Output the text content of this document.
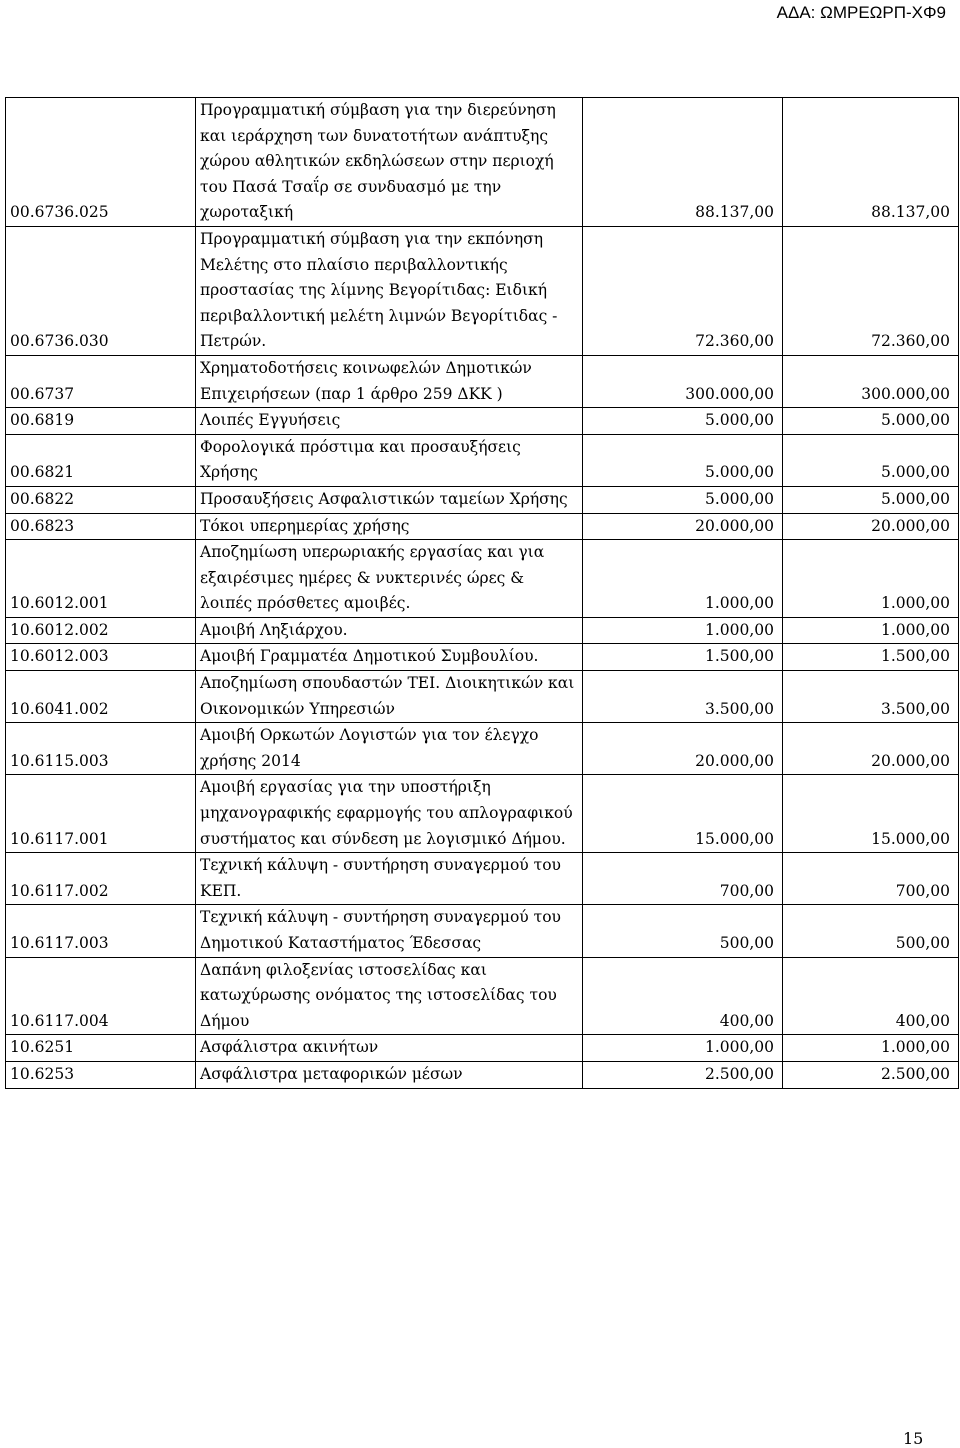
ΑΔΑ: ΩΜΡΕΩΡΠ-ΧΦ9
00.6736.025	Προγραμματική σύμβαση για την διερεύνηση και ιεράρχηση των δυνατοτήτων ανάπτυξης χώρου αθλητικών εκδηλώσεων στην περιοχή του Πασά Τσαΐρ σε συνδυασμό με την χωροταξική	88.137,00	88.137,00
00.6736.030	Προγραμματική σύμβαση για την εκπόνηση Μελέτης στο πλαίσιο περιβαλλοντικής προστασίας της λίμνης Βεγορίτιδας: Ειδική περιβαλλοντική μελέτη λιμνών Βεγορίτιδας - Πετρών.	72.360,00	72.360,00
00.6737	Χρηματοδοτήσεις κοινωφελών Δημοτικών Επιχειρήσεων (παρ 1 άρθρο 259 ΔΚΚ )	300.000,00	300.000,00
00.6819	Λοιπές Εγγυήσεις	5.000,00	5.000,00
00.6821	Φορολογικά πρόστιμα και προσαυξήσεις Χρήσης	5.000,00	5.000,00
00.6822	Προσαυξήσεις Ασφαλιστικών ταμείων Χρήσης	5.000,00	5.000,00
00.6823	Τόκοι υπερημερίας χρήσης	20.000,00	20.000,00
10.6012.001	Αποζημίωση υπερωριακής εργασίας και για εξαιρέσιμες ημέρες & νυκτερινές ώρες & λοιπές πρόσθετες αμοιβές.	1.000,00	1.000,00
10.6012.002	Αμοιβή Ληξιάρχου.	1.000,00	1.000,00
10.6012.003	Αμοιβή Γραμματέα Δημοτικού Συμβουλίου.	1.500,00	1.500,00
10.6041.002	Αποζημίωση σπουδαστών ΤΕΙ. Διοικητικών και Οικονομικών Υπηρεσιών	3.500,00	3.500,00
10.6115.003	Αμοιβή Ορκωτών Λογιστών για τον έλεγχο χρήσης 2014	20.000,00	20.000,00
10.6117.001	Αμοιβή εργασίας για την υποστήριξη μηχανογραφικής εφαρμογής του απλογραφικού συστήματος και σύνδεση με λογισμικό Δήμου.	15.000,00	15.000,00
10.6117.002	Τεχνική κάλυψη - συντήρηση συναγερμού του ΚΕΠ.	700,00	700,00
10.6117.003	Τεχνική κάλυψη - συντήρηση συναγερμού του Δημοτικού Καταστήματος Έδεσσας	500,00	500,00
10.6117.004	Δαπάνη φιλοξενίας ιστοσελίδας και κατωχύρωσης ονόματος της ιστοσελίδας του Δήμου	400,00	400,00
10.6251	Ασφάλιστρα ακινήτων	1.000,00	1.000,00
10.6253	Ασφάλιστρα μεταφορικών μέσων	2.500,00	2.500,00
15
